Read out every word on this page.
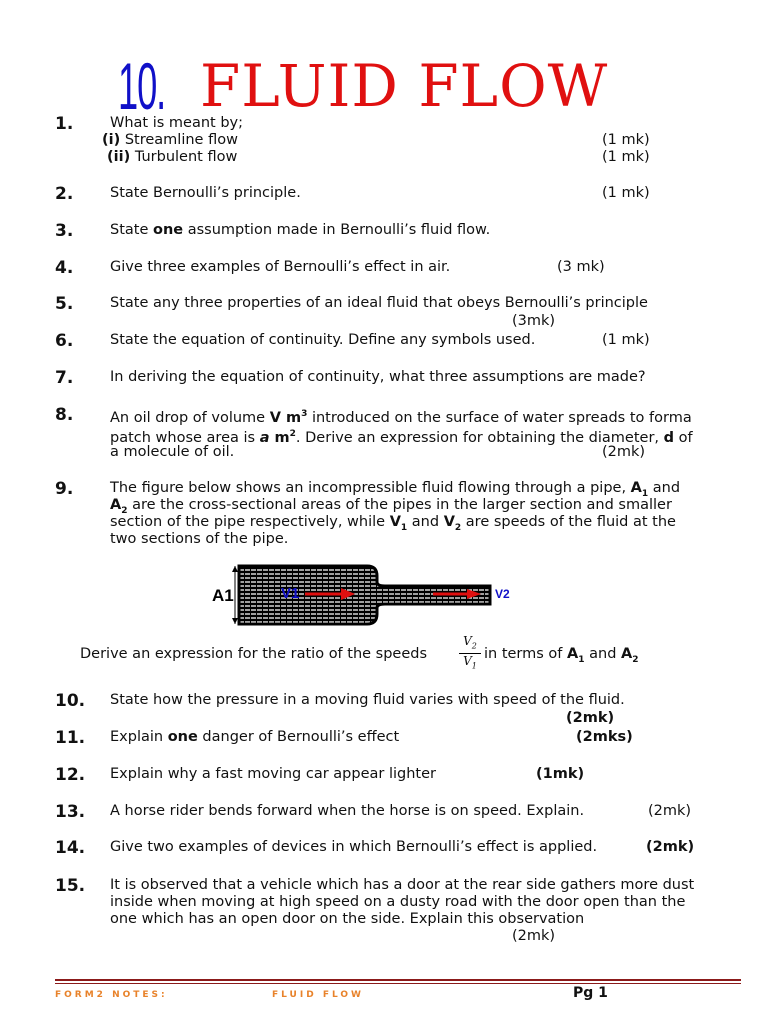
10. FLUID FLOW
1.	What is meant by;
(i) Streamline flow	(1 mk)
(ii) Turbulent flow	(1 mk)
2.	State Bernoulli’s principle.	(1 mk)
3.	State one assumption made in Bernoulli’s fluid flow.
4.	Give three examples of Bernoulli’s effect in air.	(3 mk)
5.	State any three properties of an ideal fluid that obeys Bernoulli’s principle
(3mk)
6.	State the equation of continuity. Define any symbols used.	(1 mk)
7.	In deriving the equation of continuity, what three assumptions are made?
8.	An oil drop of volume V $m^3$ introduced on the surface of water spreads to forma
patch whose area is a $m^2$. Derive an expression for obtaining the diameter, d of
a molecule of oil.	(2mk)
9.	The figure below shows an incompressible fluid flowing through a pipe, $A_1$ and
$A_2$ are the cross-sectional areas of the pipes in the larger section and smaller
section of the pipe respectively, while $V_1$ and $V_2$ are speeds of the fluid at the
two sections of the pipe.
A1	V1	V2
Derive an expression for the ratio of the speeds
$V_2$
$V_1$
in terms of $A_1$ and $A_2$
10. State how the pressure in a moving fluid varies with speed of the fluid.
(2mk)
11. Explain one danger of Bernoulli’s effect	(2mks)
12. Explain why a fast moving car appear lighter	(1mk)
13. A horse rider bends forward when the horse is on speed. Explain.	(2mk)
14. Give two examples of devices in which Bernoulli’s effect is applied.	(2mk)
15. It is observed that a vehicle which has a door at the rear side gathers more dust
inside when moving at high speed on a dusty road with the door open than the
one which has an open door on the side. Explain this observation
(2mk)
FORM2 NOTES:	FLUID FLOW	Pg 1
